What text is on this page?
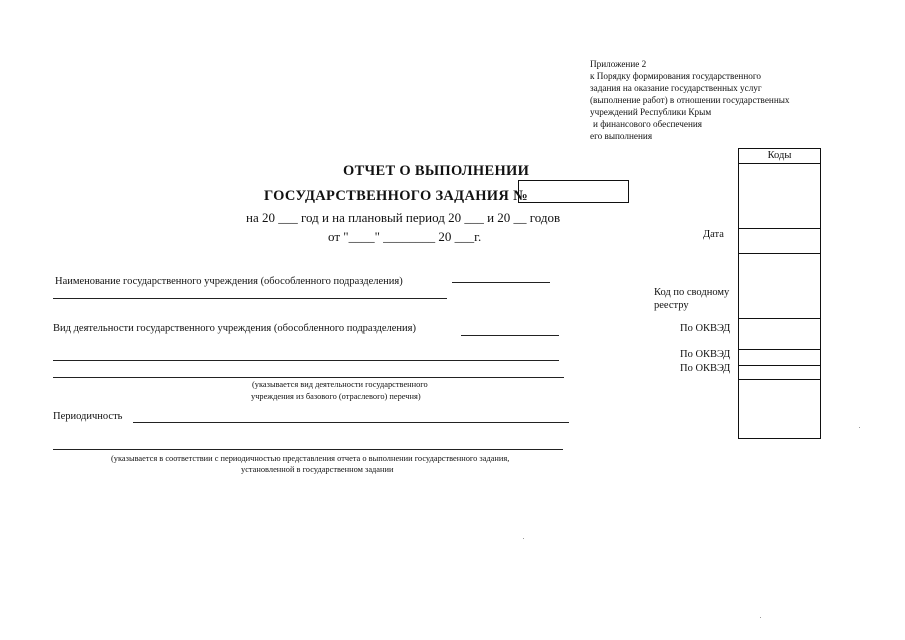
Приложение 2
к Порядку формирования государственного
задания на оказание государственных услуг
(выполнение работ) в отношении государственных
учреждений Республики Крым
и финансового обеспечения
его выполнения
ОТЧЕТ О ВЫПОЛНЕНИИ
ГОСУДАРСТВЕННОГО ЗАДАНИЯ №
на 20 ___ год и на плановый период 20 ___ и 20 __ годов
от "____" ________ 20 ___г.
Наименование государственного учреждения (обособленного подразделения)
Вид деятельности государственного учреждения (обособленного подразделения)
(указывается вид деятельности государственного
учреждения из базового (отраслевого) перечня)
Периодичность
(указывается в соответствии с периодичностью представления отчета о выполнении государственного задания,
установленной в государственном задании
Дата
Код по сводному
реестру
По ОКВЭД
По ОКВЭД
По ОКВЭД
Коды
